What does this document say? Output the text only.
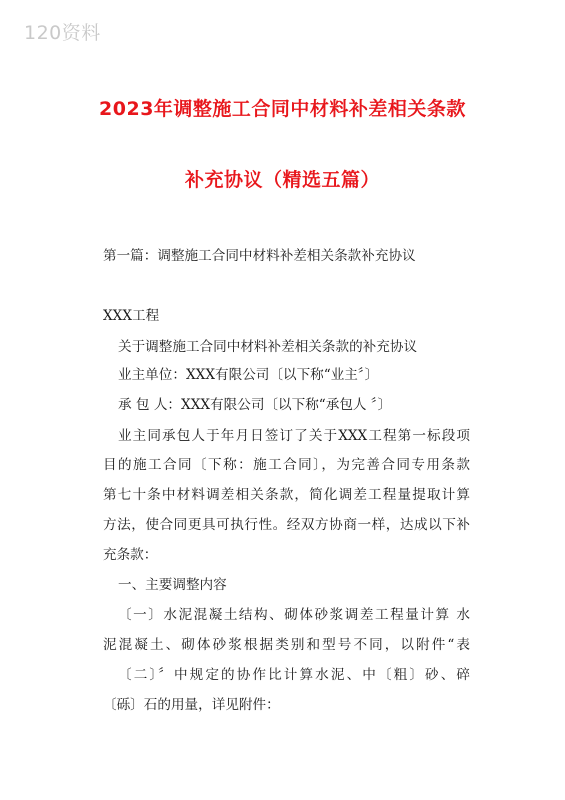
120资料
2023年调整施工合同中材料补差相关条款
补充协议（精选五篇）
第一篇：调整施工合同中材料补差相关条款补充协议
XXX工程
关于调整施工合同中材料补差相关条款的补充协议
业主单位：XXX有限公司〔以下称“业主〞〕
承 包 人：XXX有限公司〔以下称“承包人 〞〕
业主同承包人于年月日签订了关于XXX工程第一标段项
目的施工合同〔下称：施工合同〕，为完善合同专用条款
第七十条中材料调差相关条款，简化调差工程量提取计算
方法，使合同更具可执行性。经双方协商一样，达成以下补
充条款：
一、主要调整内容
〔一〕水泥混凝土结构、砌体砂浆调差工程量计算 水
泥混凝土、砌体砂浆根据类别和型号不同，以附件“表
〔二〕〞中规定的协作比计算水泥、中〔粗〕砂、碎
〔砾〕石的用量，详见附件：
